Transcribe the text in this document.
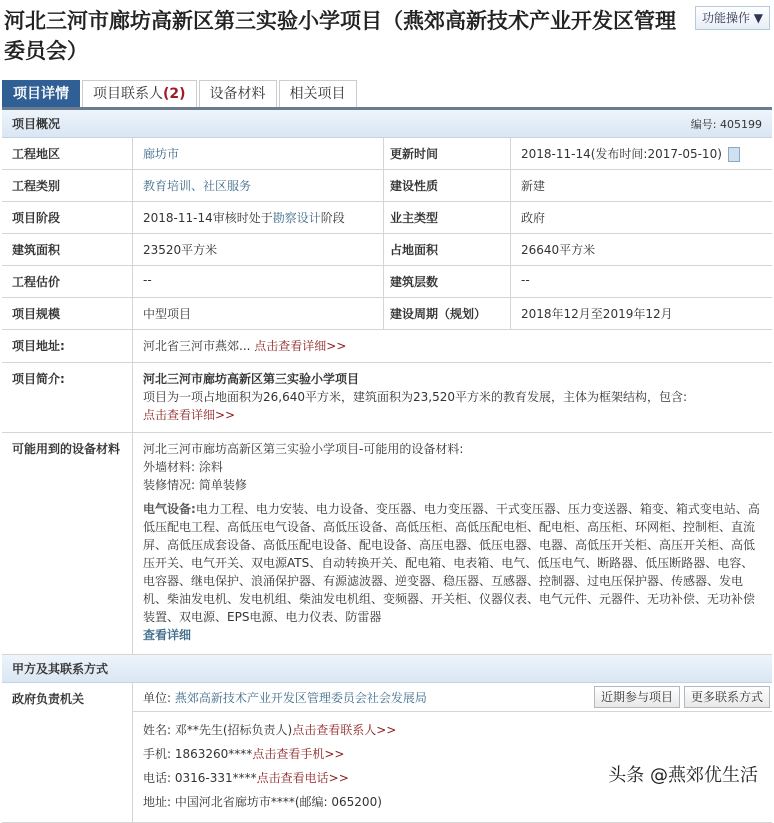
河北三河市廊坊高新区第三实验小学项目（燕郊高新技术产业开发区管理委员会）
功能操作 ▼
项目详情	项目联系人(2)	设备材料	相关项目
项目概况	编号: 405199
工程地区	廊坊市	更新时间	2018-11-14(发布时间:2017-05-10)
工程类别	教育培训、社区服务	建设性质	新建
项目阶段	2018-11-14审核时处于勘察设计阶段	业主类型	政府
建筑面积	23520平方米	占地面积	26640平方米
工程估价	--	建筑层数	--
项目规模	中型项目	建设周期（规划）	2018年12月至2019年12月
项目地址:	河北省三河市燕郊... 点击查看详细>>
项目简介:	河北三河市廊坊高新区第三实验小学项目
项目为一项占地面积为26,640平方米，建筑面积为23,520平方米的教育发展，主体为框架结构，包含:
点击查看详细>>
可能用到的设备材料	河北三河市廊坊高新区第三实验小学项目-可能用的设备材料:
外墙材料: 涂料
装修情况: 简单装修
电气设备:电力工程、电力安装、电力设备、变压器、电力变压器、干式变压器、压力变送器、箱变、箱式变电站、高低压配电工程、高低压电气设备、高低压设备、高低压柜、高低压配电柜、配电柜、高压柜、环网柜、控制柜、直流屏、高低压成套设备、高低压配电设备、配电设备、高压电器、低压电器、电器、高低压开关柜、高压开关柜、高低压开关、电气开关、双电源ATS、自动转换开关、配电箱、电表箱、电气、低压电气、断路器、低压断路器、电容、电容器、继电保护、浪涌保护器、有源滤波器、逆变器、稳压器、互感器、控制器、过电压保护器、传感器、发电机、柴油发电机、发电机组、柴油发电机组、变频器、开关柜、仪器仪表、电气元件、元器件、无功补偿、无功补偿装置、双电源、EPS电源、电力仪表、防雷器
查看详细
甲方及其联系方式
政府负责机关	单位: 燕郊高新技术产业开发区管理委员会社会发展局	近期参与项目 更多联系方式
姓名: 邓**先生(招标负责人)点击查看联系人>>
手机: 1863260****点击查看手机>>
电话: 0316-331****点击查看电话>>
地址: 中国河北省廊坊市****(邮编: 065200)
头条 @燕郊优生活
